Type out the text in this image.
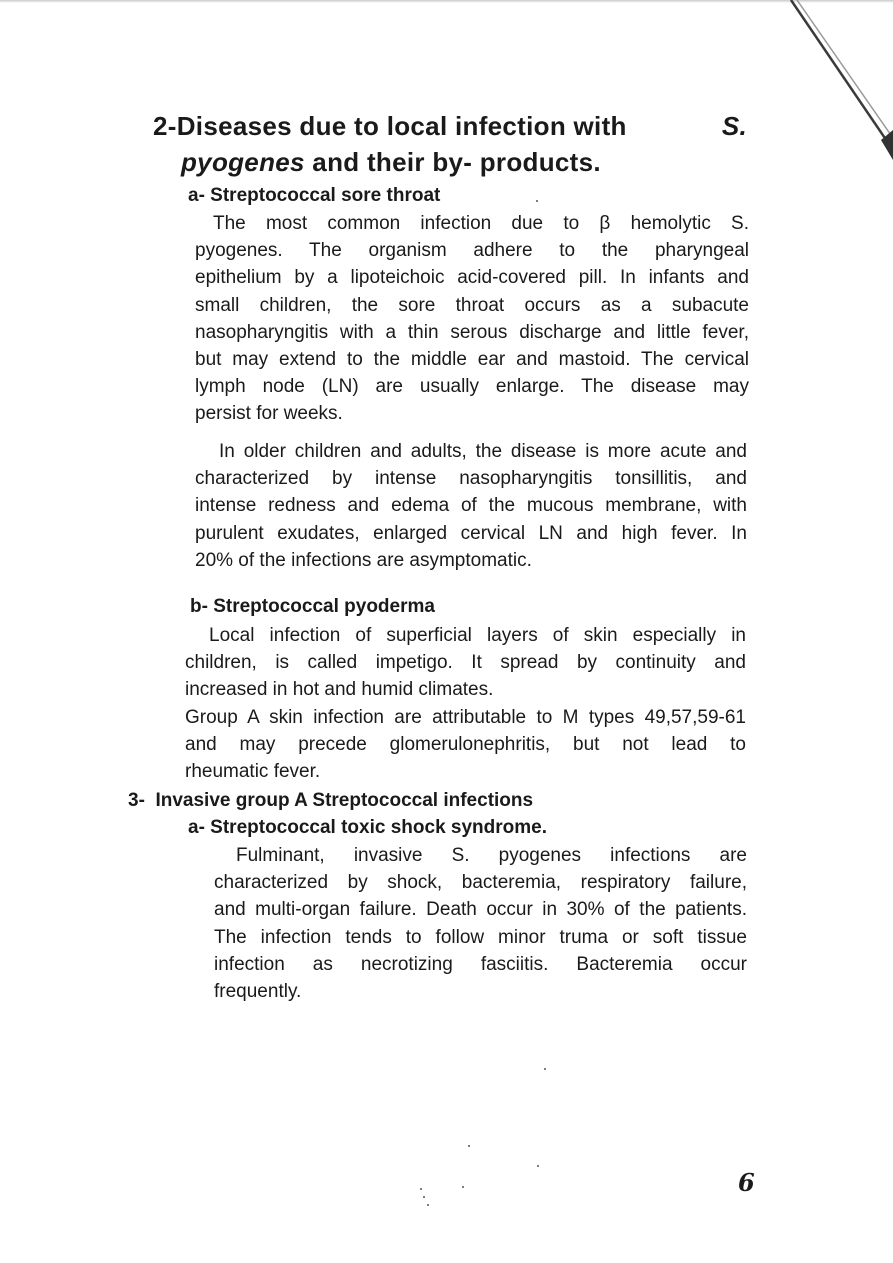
2-Diseases due to local infection with	S.
pyogenes and their by- products.
a- Streptococcal sore throat
The most common infection due to β hemolytic S.
pyogenes. The organism adhere to the pharyngeal
epithelium by a lipoteichoic acid-covered pill. In infants and
small children, the sore throat occurs as a subacute
nasopharyngitis with a thin serous discharge and little fever,
but may extend to the middle ear and mastoid. The cervical
lymph node (LN) are usually enlarge. The disease may
persist for weeks.
In older children and adults, the disease is more acute and
characterized by intense nasopharyngitis tonsillitis, and
intense redness and edema of the mucous membrane, with
purulent exudates, enlarged cervical LN and high fever. In
20% of the infections are asymptomatic.
b- Streptococcal pyoderma
Local infection of superficial layers of skin especially in
children, is called impetigo. It spread by continuity and
increased in hot and humid climates.
Group A skin infection are attributable to M types 49,57,59-61
and may precede glomerulonephritis, but not lead to
rheumatic fever.
3-  Invasive group A Streptococcal infections
a- Streptococcal toxic shock syndrome.
Fulminant, invasive S. pyogenes infections are
characterized by shock, bacteremia, respiratory failure,
and multi-organ failure. Death occur in 30% of the patients.
The infection tends to follow minor truma or soft tissue
infection as necrotizing fasciitis. Bacteremia occur
frequently.
6
